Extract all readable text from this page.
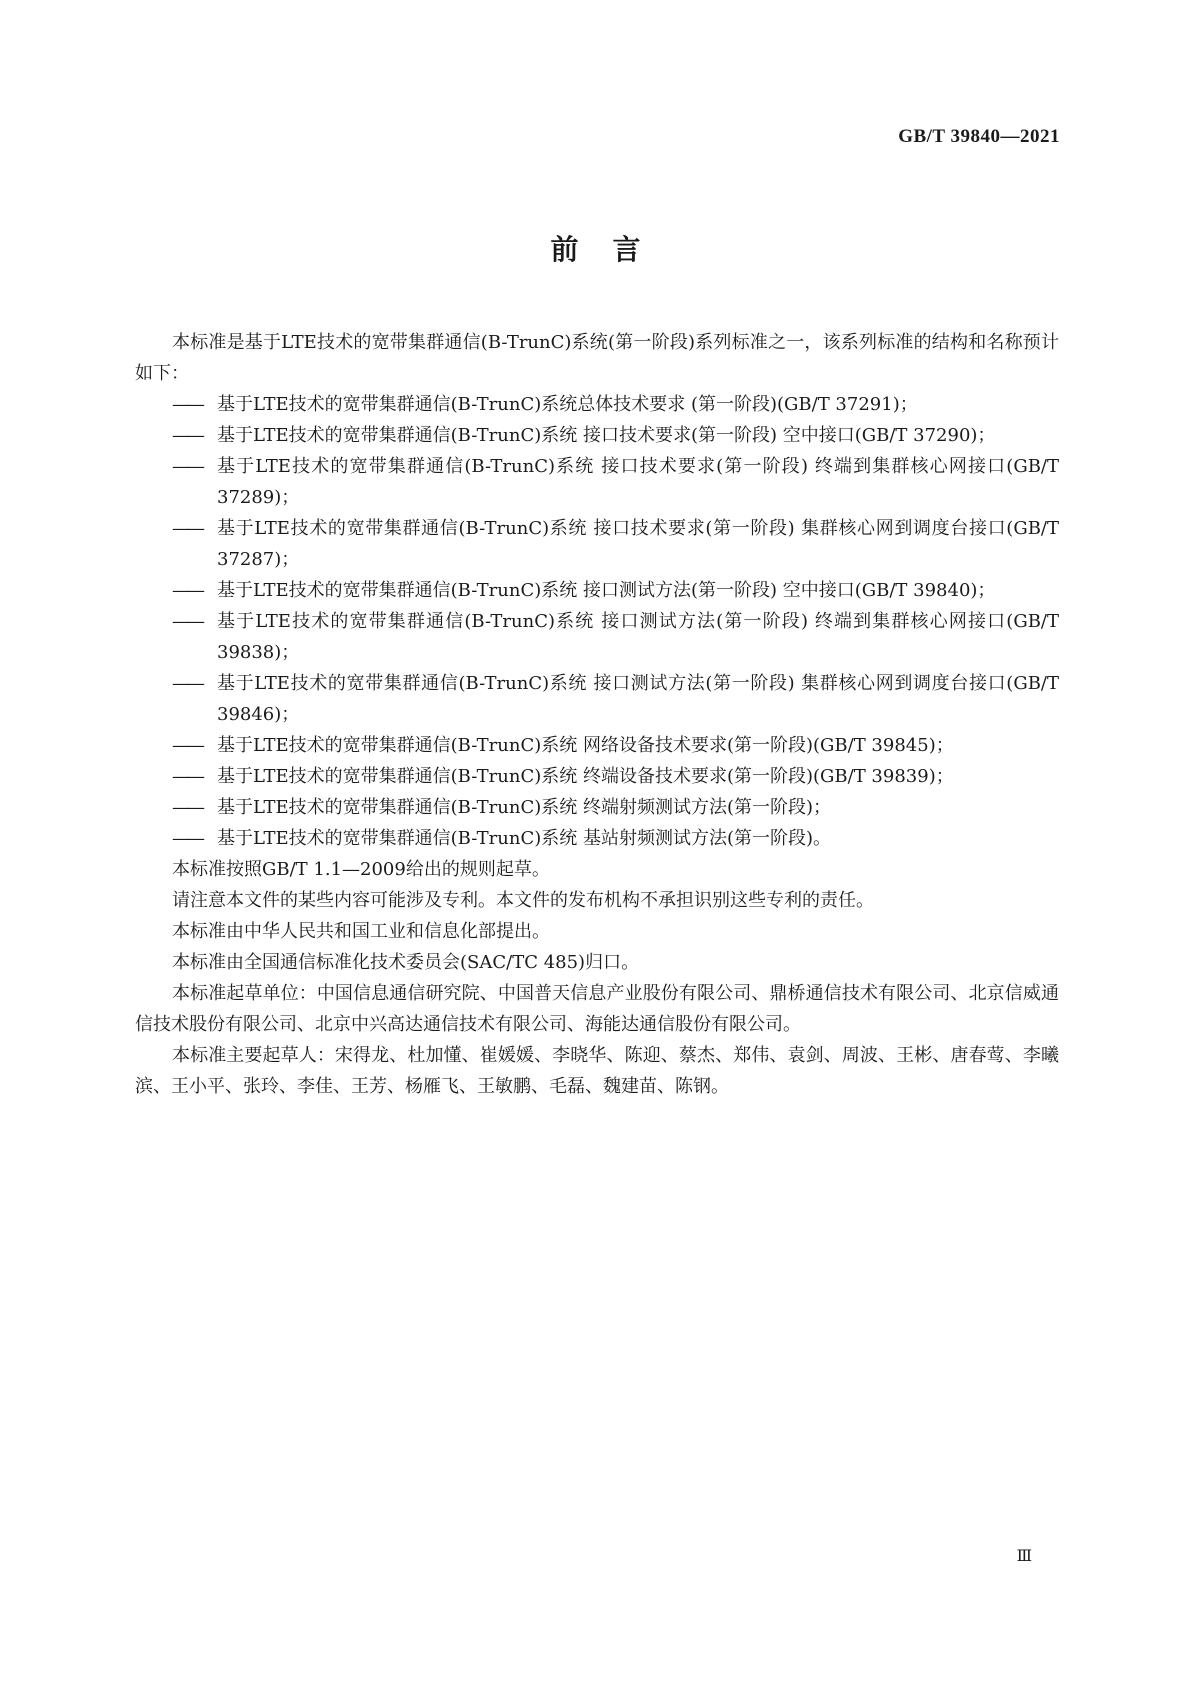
GB/T 39840—2021
前言

本标准是基于LTE技术的宽带集群通信(B-TrunC)系统(第一阶段)系列标准之一，该系列标准的结构和名称预计如下：

—— 基于LTE技术的宽带集群通信(B-TrunC)系统总体技术要求 (第一阶段)(GB/T 37291)；

—— 基于LTE技术的宽带集群通信(B-TrunC)系统 接口技术要求(第一阶段) 空中接口(GB/T 37290)；

—— 基于LTE技术的宽带集群通信(B-TrunC)系统 接口技术要求(第一阶段) 终端到集群核心网接口(GB/T 37289)；

—— 基于LTE技术的宽带集群通信(B-TrunC)系统 接口技术要求(第一阶段) 集群核心网到调度台接口(GB/T 37287)；

—— 基于LTE技术的宽带集群通信(B-TrunC)系统 接口测试方法(第一阶段) 空中接口(GB/T 39840)；

—— 基于LTE技术的宽带集群通信(B-TrunC)系统 接口测试方法(第一阶段) 终端到集群核心网接口(GB/T 39838)；

—— 基于LTE技术的宽带集群通信(B-TrunC)系统 接口测试方法(第一阶段) 集群核心网到调度台接口(GB/T 39846)；

—— 基于LTE技术的宽带集群通信(B-TrunC)系统 网络设备技术要求(第一阶段)(GB/T 39845)；

—— 基于LTE技术的宽带集群通信(B-TrunC)系统 终端设备技术要求(第一阶段)(GB/T 39839)；

—— 基于LTE技术的宽带集群通信(B-TrunC)系统 终端射频测试方法(第一阶段)；

—— 基于LTE技术的宽带集群通信(B-TrunC)系统 基站射频测试方法(第一阶段)。

本标准按照GB/T 1.1—2009给出的规则起草。

请注意本文件的某些内容可能涉及专利。本文件的发布机构不承担识别这些专利的责任。

本标准由中华人民共和国工业和信息化部提出。

本标准由全国通信标准化技术委员会(SAC/TC 485)归口。

本标准起草单位：中国信息通信研究院、中国普天信息产业股份有限公司、鼎桥通信技术有限公司、北京信威通信技术股份有限公司、北京中兴高达通信技术有限公司、海能达通信股份有限公司。

本标准主要起草人：宋得龙、杜加懂、崔媛媛、李晓华、陈迎、蔡杰、郑伟、袁剑、周波、王彬、唐春莺、李曦滨、王小平、张玲、李佳、王芳、杨雁飞、王敏鹏、毛磊、魏建苗、陈钢。

Ⅲ
